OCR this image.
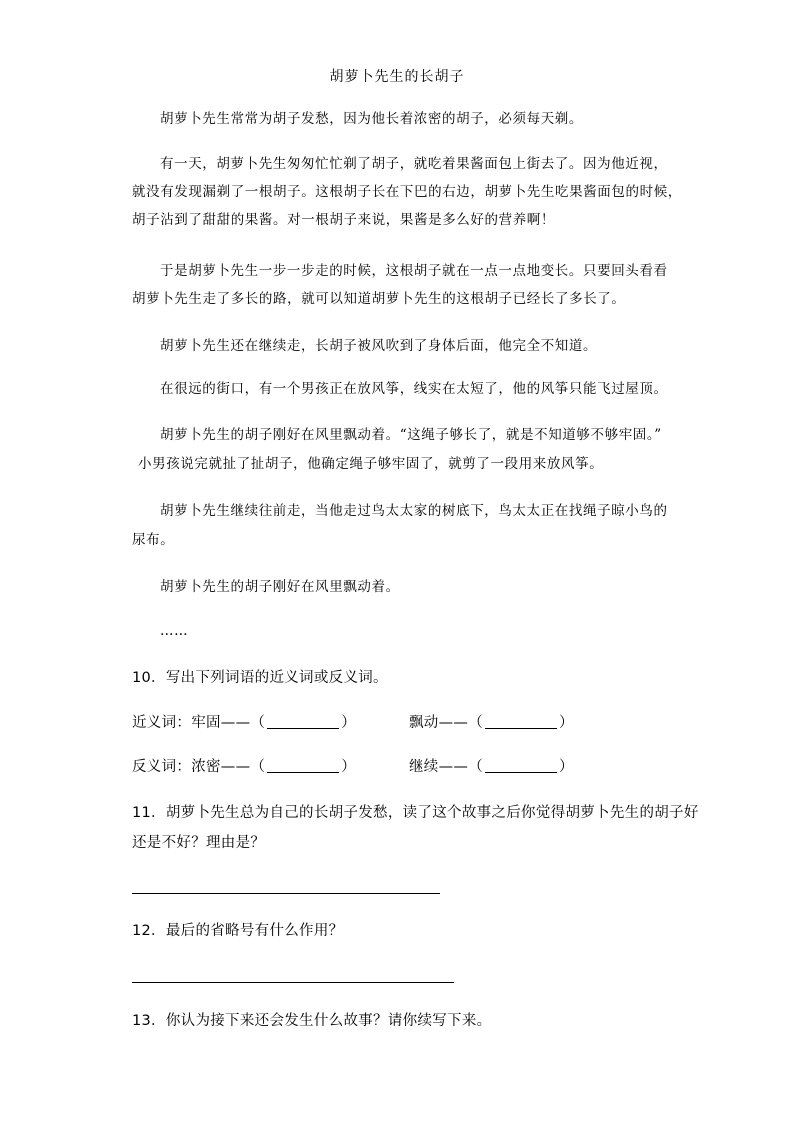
胡萝卜先生的长胡子
胡萝卜先生常常为胡子发愁，因为他长着浓密的胡子，必须每天剃。
有一天，胡萝卜先生匆匆忙忙剃了胡子，就吃着果酱面包上街去了。因为他近视，
就没有发现漏剃了一根胡子。这根胡子长在下巴的右边，胡萝卜先生吃果酱面包的时候，
胡子沾到了甜甜的果酱。对一根胡子来说，果酱是多么好的营养啊！
于是胡萝卜先生一步一步走的时候，这根胡子就在一点一点地变长。只要回头看看
胡萝卜先生走了多长的路，就可以知道胡萝卜先生的这根胡子已经长了多长了。
胡萝卜先生还在继续走，长胡子被风吹到了身体后面，他完全不知道。
在很远的街口，有一个男孩正在放风筝，线实在太短了，他的风筝只能飞过屋顶。
胡萝卜先生的胡子刚好在风里飘动着。“这绳子够长了，就是不知道够不够牢固。”
小男孩说完就扯了扯胡子，他确定绳子够牢固了，就剪了一段用来放风筝。
胡萝卜先生继续往前走，当他走过鸟太太家的树底下，鸟太太正在找绳子晾小鸟的
尿布。
胡萝卜先生的胡子刚好在风里飘动着。
……
10．写出下列词语的近义词或反义词。
近义词：牢固——（	）	飘动——（	）
反义词：浓密——（	）	继续——（	）
11．胡萝卜先生总为自己的长胡子发愁，读了这个故事之后你觉得胡萝卜先生的胡子好
还是不好？理由是？
12．最后的省略号有什么作用？
13．你认为接下来还会发生什么故事？请你续写下来。
